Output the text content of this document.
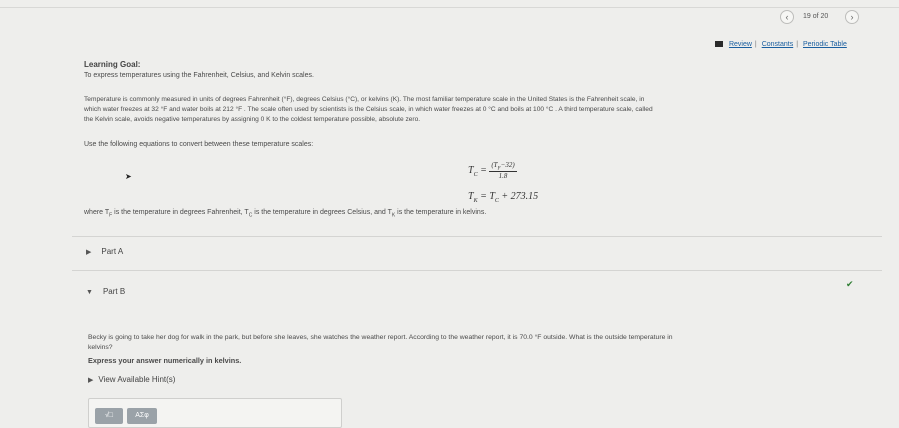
‹	19 of 20	›
Review | Constants | Periodic Table
Learning Goal:
To express temperatures using the Fahrenheit, Celsius, and Kelvin scales.
Temperature is commonly measured in units of degrees Fahrenheit (°F), degrees Celsius (°C), or kelvins (K). The most familiar temperature scale in the United States is the Fahrenheit scale, in
which water freezes at 32 °F and water boils at 212 °F . The scale often used by scientists is the Celsius scale, in which water freezes at 0 °C and boils at 100 °C . A third temperature scale, called
the Kelvin scale, avoids negative temperatures by assigning 0 K to the coldest temperature possible, absolute zero.
Use the following equations to convert between these temperature scales:
$T_C = \frac{(T_F-32)}{1.8}$
➤
$T_K = T_C + 273.15$
where $T_F$ is the temperature in degrees Fahrenheit, $T_C$ is the temperature in degrees Celsius, and $T_K$ is the temperature in kelvins.
▶ Part A
▼ Part B
✔
Becky is going to take her dog for walk in the park, but before she leaves, she watches the weather report. According to the weather report, it is 70.0 °F outside. What is the outside temperature in
kelvins?
Express your answer numerically in kelvins.
▶ View Available Hint(s)
√□	ΑΣφ
